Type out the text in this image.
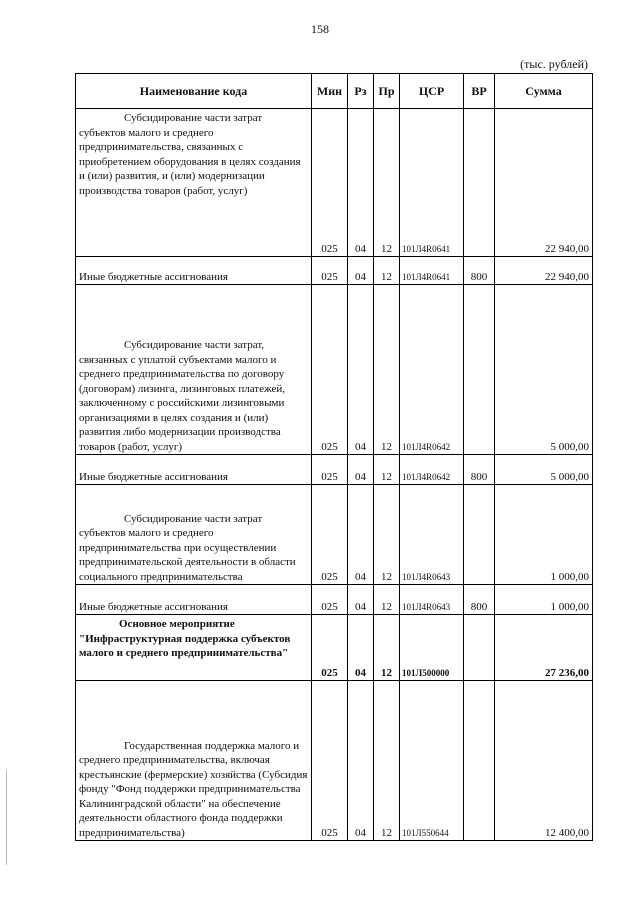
158
(тыс. рублей)
Наименование кода	Мин	Рз	Пр	ЦСР	ВР	Сумма
Субсидирование части затрат субъектов малого и среднего предпринимательства, связанных с приобретением оборудования в целях создания и (или) развития, и (или) модернизации производства товаров (работ, услуг)	025	04	12	101Л4R0641		22 940,00
Иные бюджетные ассигнования	025	04	12	101Л4R0641	800	22 940,00
Субсидирование части затрат, связанных с уплатой субъектами малого и среднего предпринимательства по договору (договорам) лизинга, лизинговых платежей, заключенному с российскими лизинговыми организациями в целях создания и (или) развития либо модернизации производства товаров (работ, услуг)	025	04	12	101Л4R0642		5 000,00
Иные бюджетные ассигнования	025	04	12	101Л4R0642	800	5 000,00
Субсидирование части затрат субъектов малого и среднего предпринимательства при осуществлении предпринимательской деятельности в области социального предпринимательства	025	04	12	101Л4R0643		1 000,00
Иные бюджетные ассигнования	025	04	12	101Л4R0643	800	1 000,00

Основное мероприятие "Инфраструктурная поддержка субъектов малого и среднего предпринимательства"	025	04	12	101Л500000		27 236,00
Государственная поддержка малого и среднего предпринимательства, включая крестьянские (фермерские) хозяйства (Субсидия фонду "Фонд поддержки предпринимательства Калининградской области" на обеспечение деятельности областного фонда поддержки предпринимательства)	025	04	12	101Л550644		12 400,00
